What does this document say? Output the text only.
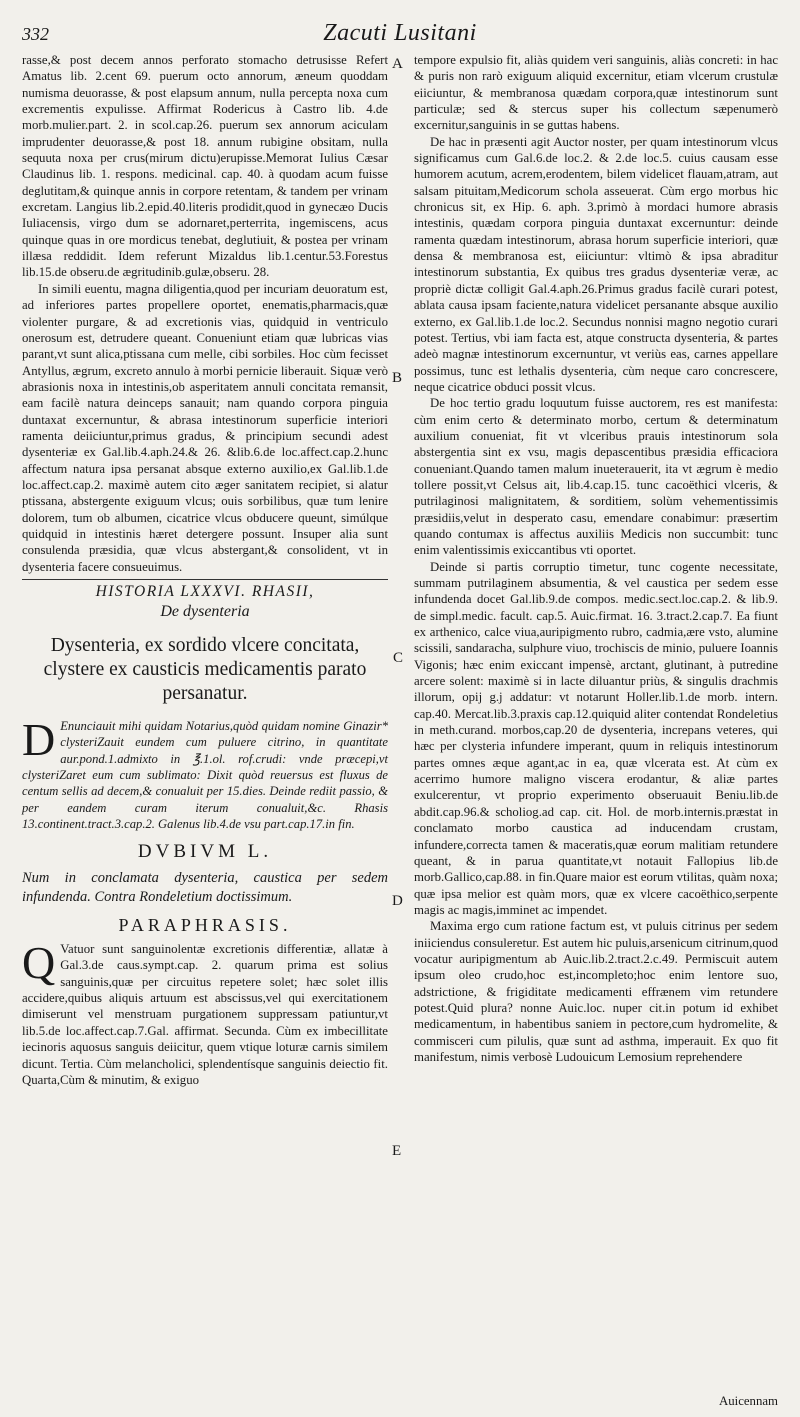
332	Zacuti Lusitani
A
B
C
D
E

rasse,& post decem annos perforato stomacho detrusisse Refert Amatus lib. 2.cent 69. puerum octo annorum, æneum quoddam numisma deuorasse, & post elapsum annum, nulla percepta noxa cum excrementis expulisse. Affirmat Rodericus à Castro lib. 4.de morb.mulier.part. 2. in scol.cap.26. puerum sex annorum aciculam imprudenter deuorasse,& post 18. annum rubigine obsitam, nulla sequuta noxa per crus(mirum dictu)erupisse.Memorat Iulius Cæsar Claudinus lib. 1. respons. medicinal. cap. 40. à quodam acum fuisse deglutitam,& quinque annis in corpore retentam, & tandem per vrinam excretam. Langius lib.2.epid.40.literis prodidit,quod in gynecæo Ducis Iuliacensis, virgo dum se adornaret,perterrita, ingemiscens, acus quinque quas in ore mordicus tenebat, deglutiuit, & postea per vrinam illæsa reddidit. Idem referunt Mizaldus lib.1.centur.53.Forestus lib.15.de obseru.de ægritudinib.gulæ,obseru. 28.

In simili euentu, magna diligentia,quod per incuriam deuoratum est, ad inferiores partes propellere oportet, enematis,pharmacis,quæ violenter purgare, & ad excretionis vias, quidquid in ventriculo onerosum est, detrudere queant. Conueniunt etiam quæ lubricas vias parant,vt sunt alica,ptissana cum melle, cibi sorbiles. Hoc cùm fecisset Antyllus, ægrum, excreto annulo à morbi pernicie liberauit. Siquæ verò abrasionis noxa in intestinis,ob asperitatem annuli concitata remansit, eam facilè natura deinceps sanauit; nam quando corpora pinguia duntaxat excernuntur, & abrasa intestinorum superficie interiori ramenta deiiciuntur,primus gradus, & principium secundi adest dysenteriæ ex Gal.lib.4.aph.24.& 26. &lib.6.de loc.affect.cap.2.hunc affectum natura ipsa persanat absque externo auxilio,ex Gal.lib.1.de loc.affect.cap.2. maximè autem cito æger sanitatem recipiet, si alatur ptissana, abstergente exiguum vlcus; ouis sorbilibus, quæ tum lenire dolorem, tum ob albumen, cicatrice vlcus obducere queunt, simúlque quidquid in intestinis hæret detergere possunt. Insuper alia sunt consulenda præsidia, quæ vlcus abstergant,& consolident, vt in dysenteria facere consueuimus.

HISTORIA LXXXVI. RHASII,
De dysenteria
Dysenteria, ex sordido vlcere concitata, clystere ex causticis medicamentis parato persanatur.

D Enunciauit mihi quidam Notarius,quòd quidam nomine Ginazir* clysteriZauit eundem cum puluere citrino, in quantitate aur.pond.1.admixto in ℥.1.ol. rof.crudi: vnde præcepi,vt clysteriZaret eum cum sublimato: Dixit quòd reuersus est fluxus de centum sellis ad decem,& conualuit per 15.dies. Deinde rediit passio, & per eandem curam iterum conualuit,&c. Rhasis 13.continent.tract.3.cap.2. Galenus lib.4.de vsu part.cap.17.in fin.

DVBIVM L.
Num in conclamata dysenteria, caustica per sedem infundenda. Contra Rondeletium doctissimum.
PARAPHRASIS.

Q Vatuor sunt sanguinolentæ excretionis differentiæ, allatæ à Gal.3.de caus.sympt.cap. 2. quarum prima est solius sanguinis,quæ per circuitus repetere solet; hæc solet illis accidere,quibus aliquis artuum est abscissus,vel qui exercitationem dimiserunt vel menstruam purgationem suppressam patiuntur,vt lib.5.de loc.affect.cap.7.Gal. affirmat. Secunda. Cùm ex imbecillitate iecinoris aquosus sanguis deiicitur, quem vtique loturæ carnis similem dicunt. Tertia. Cùm melancholici, splendentísque sanguinis deiectio fit. Quarta,Cùm & minutim, & exiguo

tempore expulsio fit, aliàs quidem veri sanguinis, aliàs concreti: in hac & puris non rarò exiguum aliquid excernitur, etiam vlcerum crustulæ eiiciuntur, & membranosa quædam corpora,quæ intestinorum sunt particulæ; sed & stercus super his collectum sæpenumerò excernitur,sanguinis in se guttas habens.

De hac in præsenti agit Auctor noster, per quam intestinorum vlcus significamus cum Gal.6.de loc.2. & 2.de loc.5. cuius causam esse humorem acutum, acrem,erodentem, bilem videlicet flauam,atram, aut salsam pituitam,Medicorum schola asseuerat. Cùm ergo morbus hic chronicus sit, ex Hip. 6. aph. 3.primò à mordaci humore abrasis intestinis, quædam corpora pinguia duntaxat excernuntur: deinde ramenta quædam intestinorum, abrasa horum superficie interiori, quæ densa & membranosa est, eiiciuntur: vltimò & ipsa abraditur intestinorum substantia, Ex quibus tres gradus dysenteriæ veræ, ac propriè dictæ colligit Gal.4.aph.26.Primus gradus facilè curari potest, ablata causa ipsam faciente,natura videlicet persanante absque auxilio externo, ex Gal.lib.1.de loc.2. Secundus nonnisi magno negotio curari potest. Tertius, vbi iam facta est, atque constructa dysenteria, & partes adeò magnæ intestinorum excernuntur, vt veriùs eas, carnes appellare possimus, tunc est lethalis dysenteria, cùm neque caro concrescere, neque cicatrice obduci possit vlcus.

De hoc tertio gradu loquutum fuisse auctorem, res est manifesta: cùm enim certo & determinato morbo, certum & determinatum auxilium conueniat, fit vt vlceribus prauis intestinorum sola abstergentia sint ex vsu, magis depascentibus præsidia efficaciora conueniant.Quando tamen malum inueterauerit, ita vt ægrum è medio tollere possit,vt Celsus ait, lib.4.cap.15. tunc cacoëthici vlceris, & putrilaginosi malignitatem, & sorditiem, solùm vehementissimis præsidiis,velut in desperato casu, emendare conabimur: præsertim quando contumax is affectus auxiliis Medicis non succumbit: tunc enim valentissimis exiccantibus vti oportet.

Deinde si partis corruptio timetur, tunc cogente necessitate, summam putrilaginem absumentia, & vel caustica per sedem esse infundenda docet Gal.lib.9.de compos. medic.sect.loc.cap.2. & lib.9. de simpl.medic. facult. cap.5. Auic.firmat. 16. 3.tract.2.cap.7. Ea fiunt ex arthenico, calce viua,auripigmento rubro, cadmia,ære vsto, alumine scissili, sandaracha, sulphure viuo, trochiscis de minio, puluere Ioannis Vigonis; hæc enim exiccant impensè, arctant, glutinant, à putredine arcere solent: maximè si in lacte diluantur priùs, & singulis drachmis illorum, opij g.j addatur: vt notarunt Holler.lib.1.de morb. intern. cap.40. Mercat.lib.3.praxis cap.12.quiquid aliter contendat Rondeletius in meth.curand. morbos,cap.20 de dysenteria, increpans veteres, qui hæc per clysteria infundere imperant, quum in reliquis intestinorum partes omnes æque agant,ac in ea, quæ vlcerata est. At cùm ex acerrimo humore maligno viscera erodantur, & aliæ partes exulcerentur, vt proprio experimento obseruauit Beniu.lib.de abdit.cap.96.& scholiog.ad cap. cit. Hol. de morb.internis.præstat in conclamato morbo caustica ad inducendam crustam, infundere,correcta tamen & maceratis,quæ eorum malitiam retundere queant, & in parua quantitate,vt notauit Fallopius lib.de morb.Gallico,cap.88. in fin.Quare maior est eorum vtilitas, quàm noxa; quæ ipsa melior est quàm mors, quæ ex vlcere cacoëthico,serpente magis ac magis,imminet ac impendet.

Maxima ergo cum ratione factum est, vt puluis citrinus per sedem iniiciendus consuleretur. Est autem hic puluis,arsenicum citrinum,quod vocatur auripigmentum ab Auic.lib.2.tract.2.c.49. Permiscuit autem ipsum oleo crudo,hoc est,incompleto;hoc enim lentore suo, adstrictione, & frigiditate medicamenti effrænem vim retundere potest.Quid plura? nonne Auic.loc. nuper cit.in potum id exhibet medicamentum, in habentibus saniem in pectore,cum hydromelite, & commisceri cum pilulis, quæ sunt ad asthma, imperauit. Ex quo fit manifestum, nimis verbosè Ludouicum Lemosium reprehendere

Auicennam
